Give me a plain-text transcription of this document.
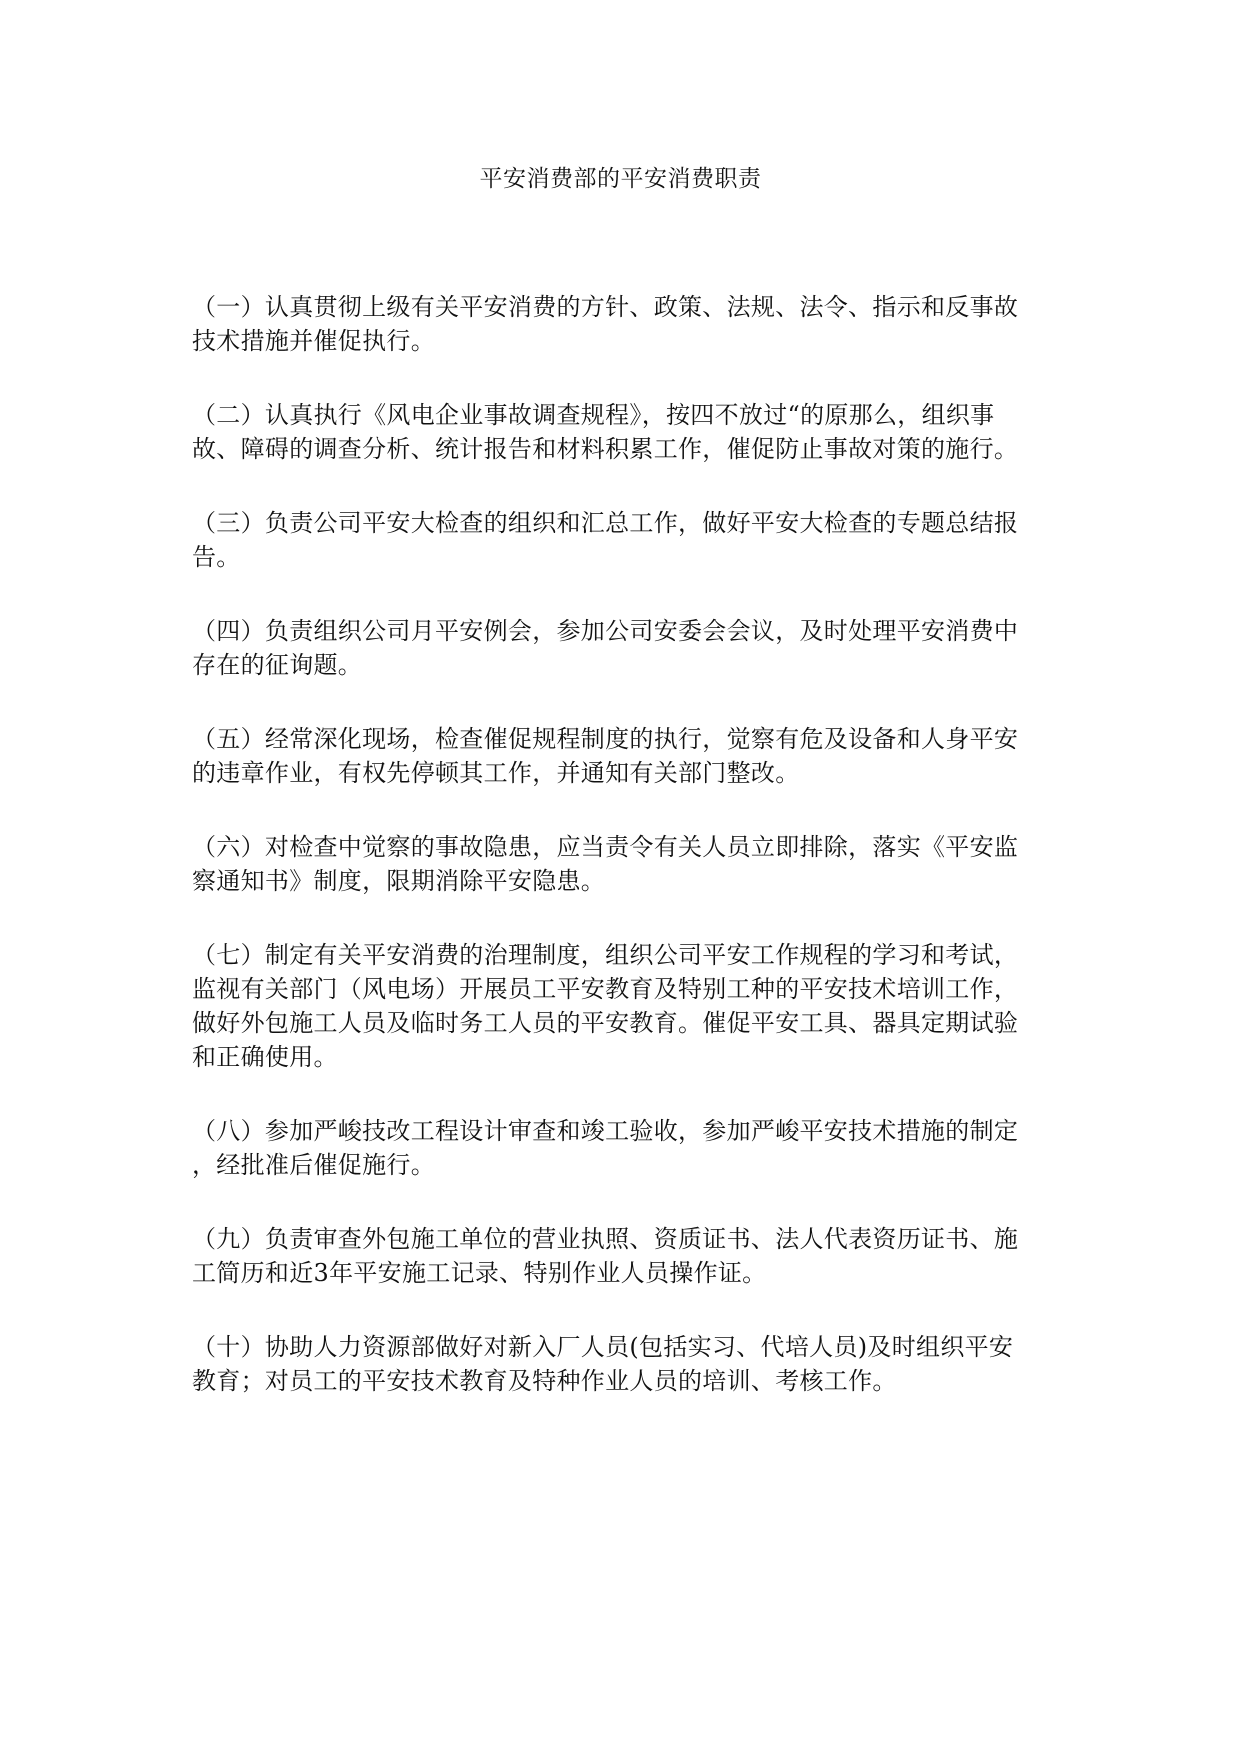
平安消费部的平安消费职责

（一）认真贯彻上级有关平安消费的方针、政策、法规、法令、指示和反事故
技术措施并催促执行。

（二）认真执行《风电企业事故调查规程》，按四不放过“的原那么，组织事
故、障碍的调查分析、统计报告和材料积累工作，催促防止事故对策的施行。

（三）负责公司平安大检查的组织和汇总工作，做好平安大检查的专题总结报
告。

（四）负责组织公司月平安例会，参加公司安委会会议，及时处理平安消费中
存在的征询题。

（五）经常深化现场，检查催促规程制度的执行，觉察有危及设备和人身平安
的违章作业，有权先停顿其工作，并通知有关部门整改。

（六）对检查中觉察的事故隐患，应当责令有关人员立即排除，落实《平安监
察通知书》制度，限期消除平安隐患。

（七）制定有关平安消费的治理制度，组织公司平安工作规程的学习和考试，
监视有关部门（风电场）开展员工平安教育及特别工种的平安技术培训工作，
做好外包施工人员及临时务工人员的平安教育。催促平安工具、器具定期试验
和正确使用。

（八）参加严峻技改工程设计审查和竣工验收，参加严峻平安技术措施的制定
，经批准后催促施行。

（九）负责审查外包施工单位的营业执照、资质证书、法人代表资历证书、施
工简历和近3年平安施工记录、特别作业人员操作证。

（十）协助人力资源部做好对新入厂人员(包括实习、代培人员)及时组织平安
教育；对员工的平安技术教育及特种作业人员的培训、考核工作。
